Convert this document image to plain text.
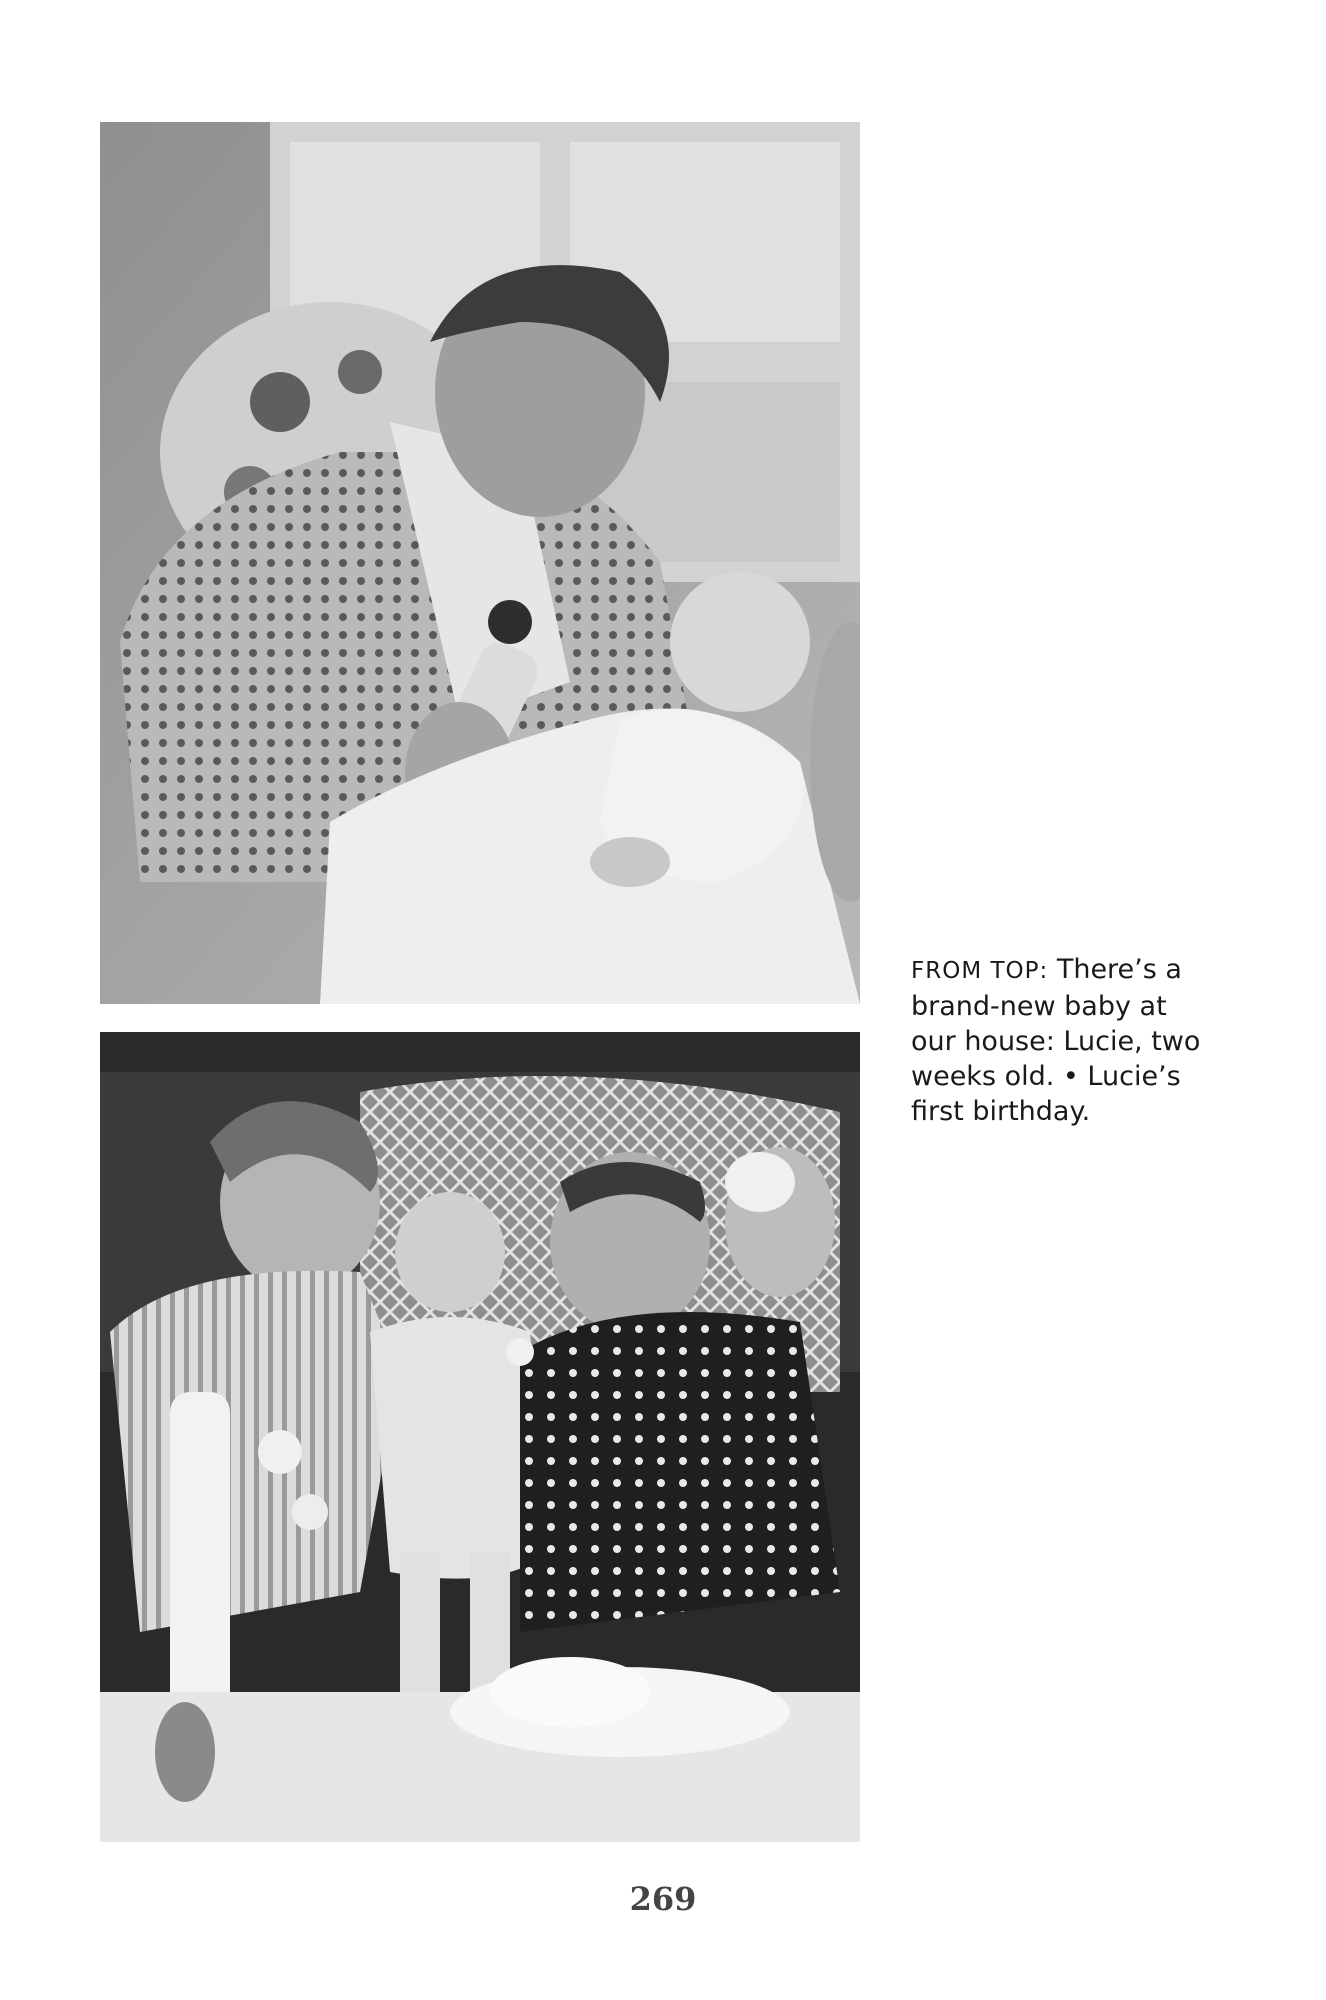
FROM TOP: There’s a brand-new baby at our house: Lucie, two weeks old. • Lucie’s first birthday.
269
